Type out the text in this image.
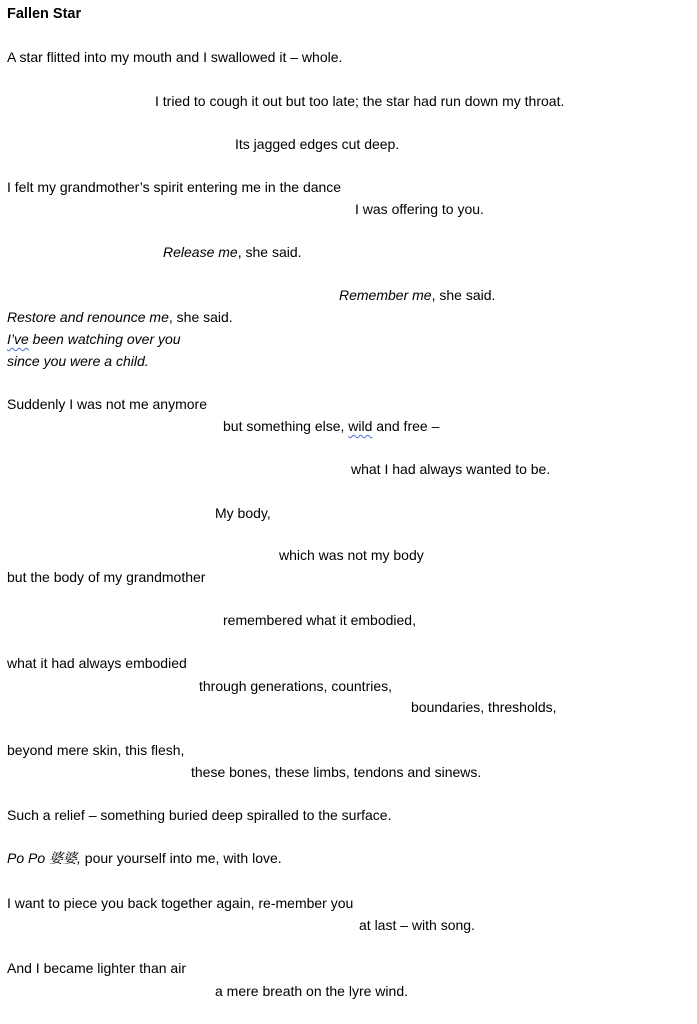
Fallen Star
A star flitted into my mouth and I swallowed it – whole.
I tried to cough it out but too late; the star had run down my throat.
Its jagged edges cut deep.
I felt my grandmother’s spirit entering me in the dance
I was offering to you.
Release me, she said.
Remember me, she said.
Restore and renounce me, she said.
I’ve been watching over you
since you were a child.
Suddenly I was not me anymore
but something else, wild and free –
what I had always wanted to be.
My body,
which was not my body
but the body of my grandmother
remembered what it embodied,
what it had always embodied
through generations, countries,
boundaries, thresholds,
beyond mere skin, this flesh,
these bones, these limbs, tendons and sinews.
Such a relief – something buried deep spiralled to the surface.
Po Po 婆婆, pour yourself into me, with love.
I want to piece you back together again, re-member you
at last – with song.
And I became lighter than air
a mere breath on the lyre wind.
